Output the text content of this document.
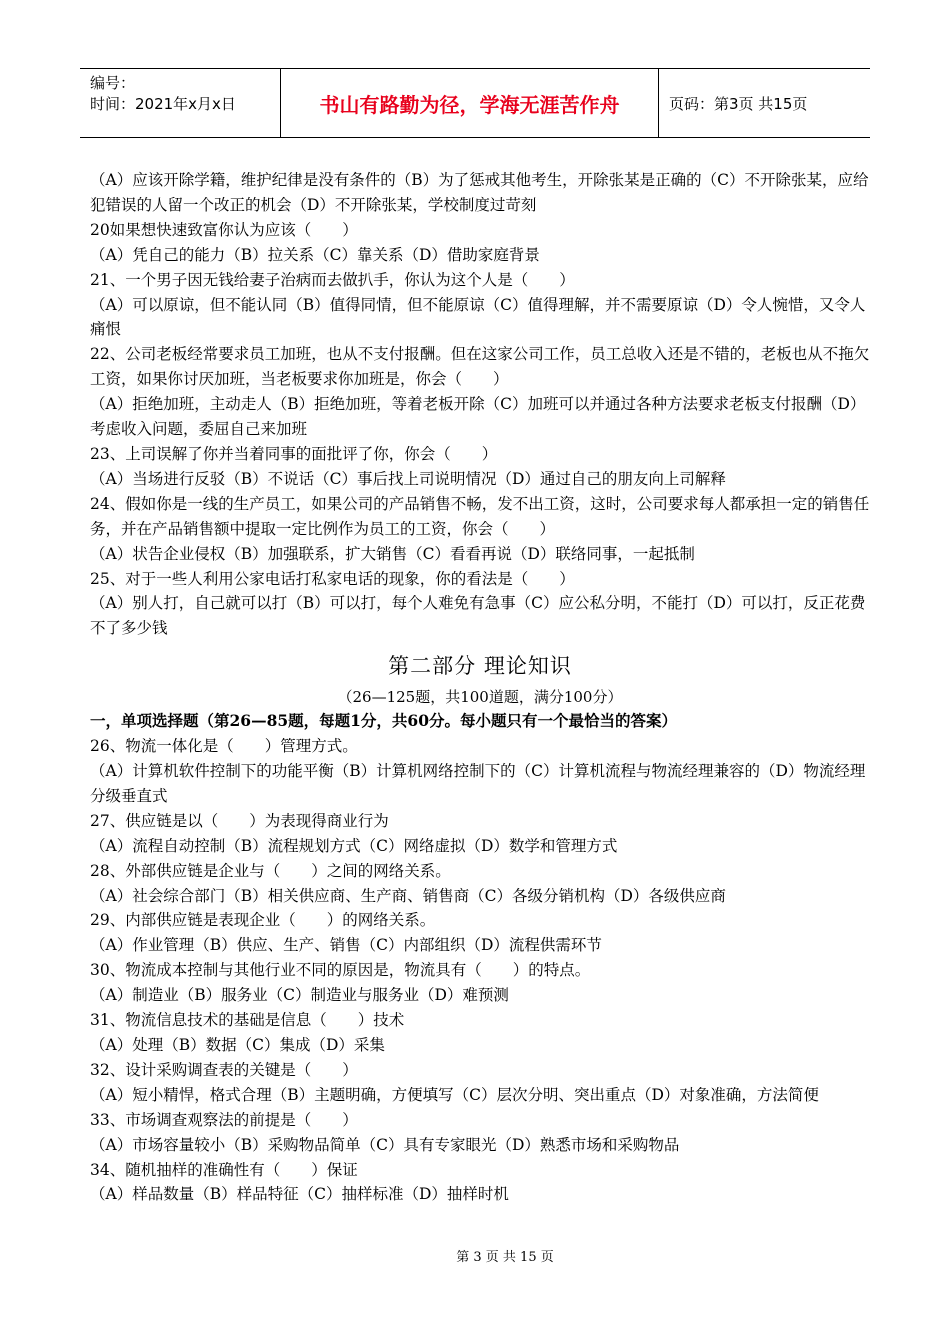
编号：
时间：2021年x月x日	书山有路勤为径，学海无涯苦作舟	页码：第3页 共15页

（A）应该开除学籍，维护纪律是没有条件的（B）为了惩戒其他考生，开除张某是正确的（C）不开除张某，应给犯错误的人留一个改正的机会（D）不开除张某，学校制度过苛刻

20如果想快速致富你认为应该（　　）

（A）凭自己的能力（B）拉关系（C）靠关系（D）借助家庭背景

21、一个男子因无钱给妻子治病而去做扒手，你认为这个人是（　　）

（A）可以原谅，但不能认同（B）值得同情，但不能原谅（C）值得理解，并不需要原谅（D）令人惋惜，又令人痛恨

22、公司老板经常要求员工加班，也从不支付报酬。但在这家公司工作，员工总收入还是不错的，老板也从不拖欠工资，如果你讨厌加班，当老板要求你加班是，你会（　　）

（A）拒绝加班，主动走人（B）拒绝加班，等着老板开除（C）加班可以并通过各种方法要求老板支付报酬（D）考虑收入问题，委屈自己来加班

23、上司误解了你并当着同事的面批评了你，你会（　　）

（A）当场进行反驳（B）不说话（C）事后找上司说明情况（D）通过自己的朋友向上司解释

24、假如你是一线的生产员工，如果公司的产品销售不畅，发不出工资，这时，公司要求每人都承担一定的销售任务，并在产品销售额中提取一定比例作为员工的工资，你会（　　）

（A）状告企业侵权（B）加强联系，扩大销售（C）看看再说（D）联络同事，一起抵制

25、对于一些人利用公家电话打私家电话的现象，你的看法是（　　）

（A）别人打，自己就可以打（B）可以打，每个人难免有急事（C）应公私分明，不能打（D）可以打，反正花费不了多少钱

第二部分 理论知识

（26—125题，共100道题，满分100分）

一，单项选择题（第26—85题，每题1分，共60分。每小题只有一个最恰当的答案）

26、物流一体化是（　　）管理方式。

（A）计算机软件控制下的功能平衡（B）计算机网络控制下的（C）计算机流程与物流经理兼容的（D）物流经理分级垂直式

27、供应链是以（　　）为表现得商业行为

（A）流程自动控制（B）流程规划方式（C）网络虚拟（D）数学和管理方式

28、外部供应链是企业与（　　）之间的网络关系。

（A）社会综合部门（B）相关供应商、生产商、销售商（C）各级分销机构（D）各级供应商

29、内部供应链是表现企业（　　）的网络关系。

（A）作业管理（B）供应、生产、销售（C）内部组织（D）流程供需环节

30、物流成本控制与其他行业不同的原因是，物流具有（　　）的特点。

（A）制造业（B）服务业（C）制造业与服务业（D）难预测

31、物流信息技术的基础是信息（　　）技术

（A）处理（B）数据（C）集成（D）采集

32、设计采购调查表的关键是（　　）

（A）短小精悍，格式合理（B）主题明确，方便填写（C）层次分明、突出重点（D）对象准确，方法简便

33、市场调查观察法的前提是（　　）

（A）市场容量较小（B）采购物品简单（C）具有专家眼光（D）熟悉市场和采购物品

34、随机抽样的准确性有（　　）保证

（A）样品数量（B）样品特征（C）抽样标准（D）抽样时机

第 3 页 共 15 页
